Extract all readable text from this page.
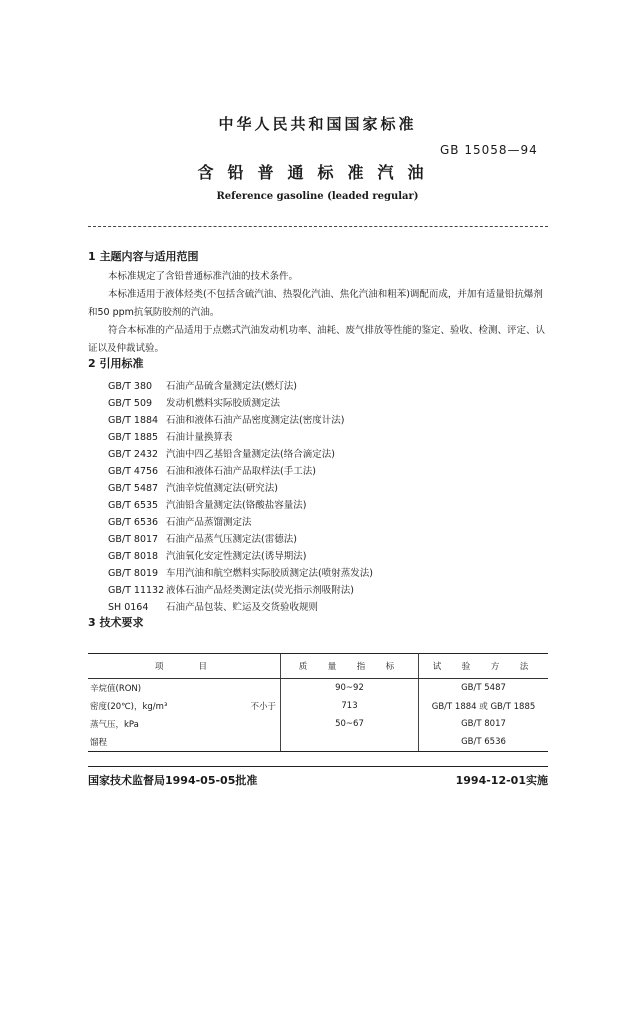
中华人民共和国国家标准
GB 15058—94
含铅普通标准汽油
Reference gasoline (leaded regular)
1 主题内容与适用范围
本标准规定了含铅普通标准汽油的技术条件。
本标准适用于液体烃类(不包括含硫汽油、热裂化汽油、焦化汽油和粗苯)调配而成，并加有适量铅抗爆剂和50 ppm抗氧防胶剂的汽油。
符合本标准的产品适用于点燃式汽油发动机功率、油耗、废气排放等性能的鉴定、验收、检测、评定、认证以及仲裁试验。
2 引用标准
GB/T 380 石油产品硫含量测定法(燃灯法)
GB/T 509 发动机燃料实际胶质测定法
GB/T 1884 石油和液体石油产品密度测定法(密度计法)
GB/T 1885 石油计量换算表
GB/T 2432 汽油中四乙基铅含量测定法(络合滴定法)
GB/T 4756 石油和液体石油产品取样法(手工法)
GB/T 5487 汽油辛烷值测定法(研究法)
GB/T 6535 汽油铅含量测定法(铬酸盐容量法)
GB/T 6536 石油产品蒸馏测定法
GB/T 8017 石油产品蒸气压测定法(雷德法)
GB/T 8018 汽油氧化安定性测定法(诱导期法)
GB/T 8019 车用汽油和航空燃料实际胶质测定法(喷射蒸发法)
GB/T 11132 液体石油产品烃类测定法(荧光指示剂吸附法)
SH 0164 石油产品包装、贮运及交货验收规则
3 技术要求
项　　目	质　量　指　标	试　验　方　法
辛烷值(RON)	90~92	GB/T 5487
密度(20℃)，kg/m³ 不小于	713	GB/T 1884 或 GB/T 1885
蒸气压，kPa	50~67	GB/T 8017
馏程		GB/T 6536
国家技术监督局1994-05-05批准	1994-12-01实施
